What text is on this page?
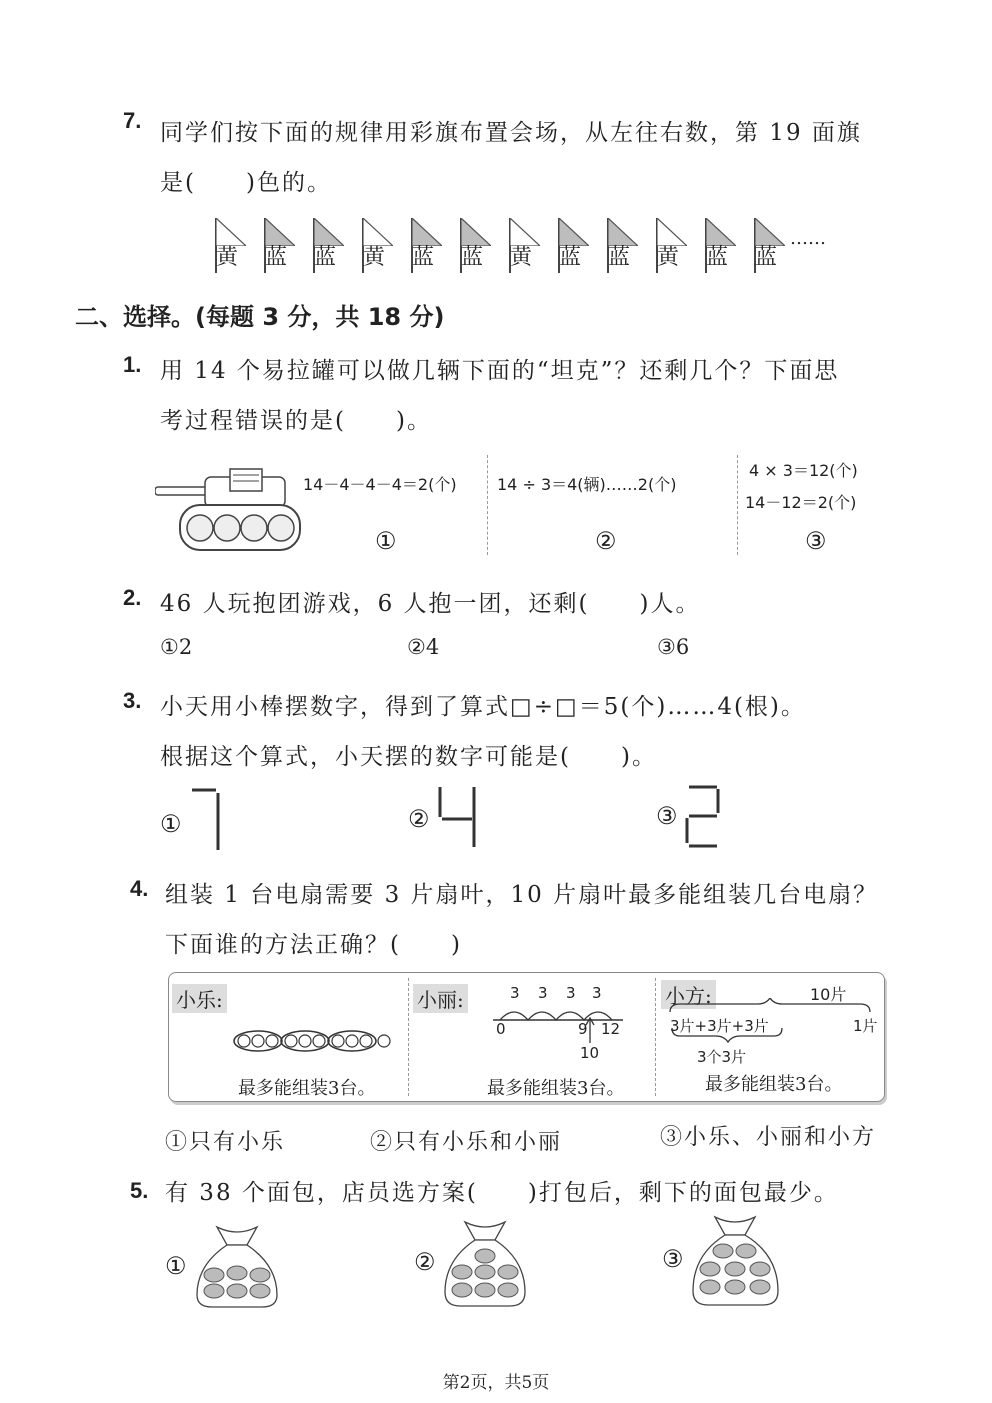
7. 同学们按下面的规律用彩旗布置会场，从左往右数，第 19 面旗
是(　　)色的。
黄 蓝 蓝 黄 蓝 蓝 黄 蓝 蓝 黄 蓝 蓝
……
二、选择。(每题 3 分，共 18 分)
1. 用 14 个易拉罐可以做几辆下面的“坦克”？还剩几个？下面思
考过程错误的是(　　)。
14－4－4－4＝2(个)
①
14 ÷ 3＝4(辆)……2(个)
②
4 × 3＝12(个)
14－12＝2(个)
③
2. 46 人玩抱团游戏，6 人抱一团，还剩(　　)人。
①2	②4	③6
3. 小天用小棒摆数字，得到了算式□÷□＝5(个)……4(根)。
根据这个算式，小天摆的数字可能是(　　)。
①	②	③
4. 组装 1 台电扇需要 3 片扇叶，10 片扇叶最多能组装几台电扇？
下面谁的方法正确？(　　)
小乐:
最多能组装3台。
小丽:	3 3 3 3
0	9 12
10
最多能组装3台。
小方:	10片
3片+3片+3片	1片
3个3片
最多能组装3台。
①只有小乐	②只有小乐和小丽	③小乐、小丽和小方
5. 有 38 个面包，店员选方案(　　)打包后，剩下的面包最少。
①	②	③
第2页，共5页
